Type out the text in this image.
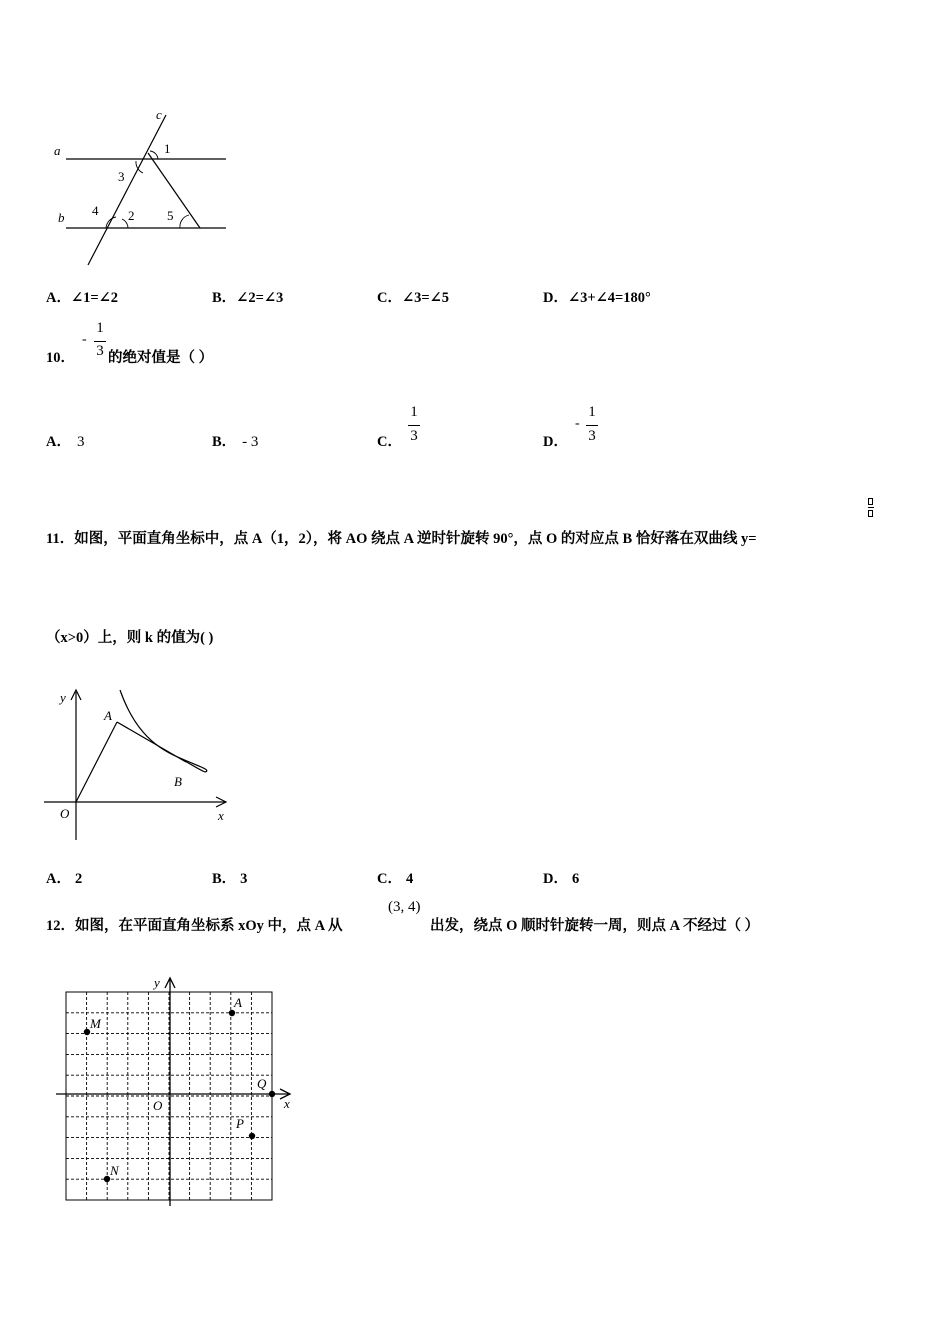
a
b
c
1
3
4 2	5
A．∠1=∠2	B．∠2=∠3	C．∠3=∠5	D．∠3+∠4=180°
10．
-
1
3 的绝对值是（ ）
A． 3	B． - 3	C．
1
3	D．
-
1
3
11．如图，平面直角坐标中，点 A（1，2），将 AO 绕点 A 逆时针旋转 90°，点 O 的对应点 B 恰好落在双曲线 y=
（x>0）上，则 k 的值为( )
y
A
B
O	x
A． 2	B． 3	C． 4	D． 6
12．如图，在平面直角坐标系 xOy 中，点 A 从
(3, 4)
出发，绕点 O 顺时针旋转一周，则点 A 不经过（ ）
y
x
O
A
M
Q
P
N
